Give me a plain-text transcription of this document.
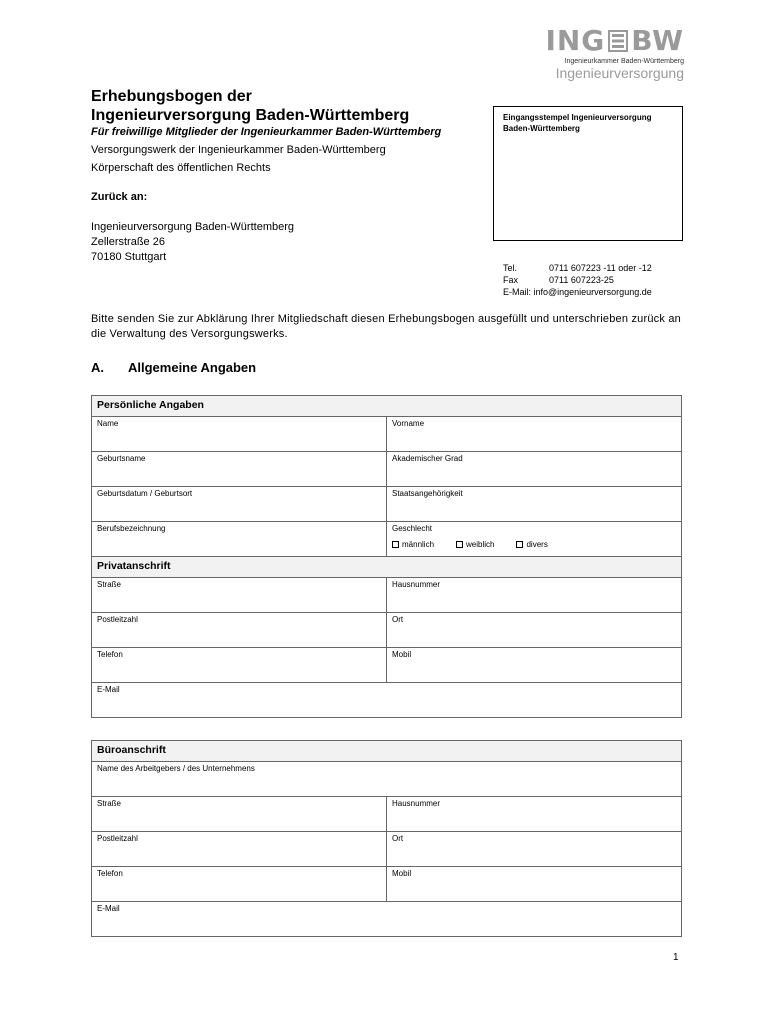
ING BW
Ingenieurkammer Baden-Württemberg
Ingenieurversorgung
Erhebungsbogen der
Ingenieurversorgung Baden-Württemberg
Für freiwillige Mitglieder der Ingenieurkammer Baden-Württemberg
Versorgungswerk der Ingenieurkammer Baden-Württemberg
Körperschaft des öffentlichen Rechts
Zurück an:
Ingenieurversorgung Baden-Württemberg
Zellerstraße 26
70180 Stuttgart
Eingangsstempel Ingenieurversorgung
Baden-Württemberg
Tel.	0711 607223 -11 oder -12
Fax	0711 607223-25
E-Mail: info@ingenieurversorgung.de
Bitte senden Sie zur Abklärung Ihrer Mitgliedschaft diesen Erhebungsbogen ausgefüllt und unterschrieben zurück an die Verwaltung des Versorgungswerks.
A. Allgemeine Angaben
Persönliche Angaben	
Name	Vorname
Geburtsname	Akademischer Grad
Geburtsdatum / Geburtsort	Staatsangehörigkeit
Berufsbezeichnung	Geschlecht
männlich weiblich divers

Privatanschrift	
Straße	Hausnummer
Postleitzahl	Ort
Telefon	Mobil
E-Mail	
Büroanschrift	
Name des Arbeitgebers / des Unternehmens	
Straße	Hausnummer
Postleitzahl	Ort
Telefon	Mobil
E-Mail	
1
